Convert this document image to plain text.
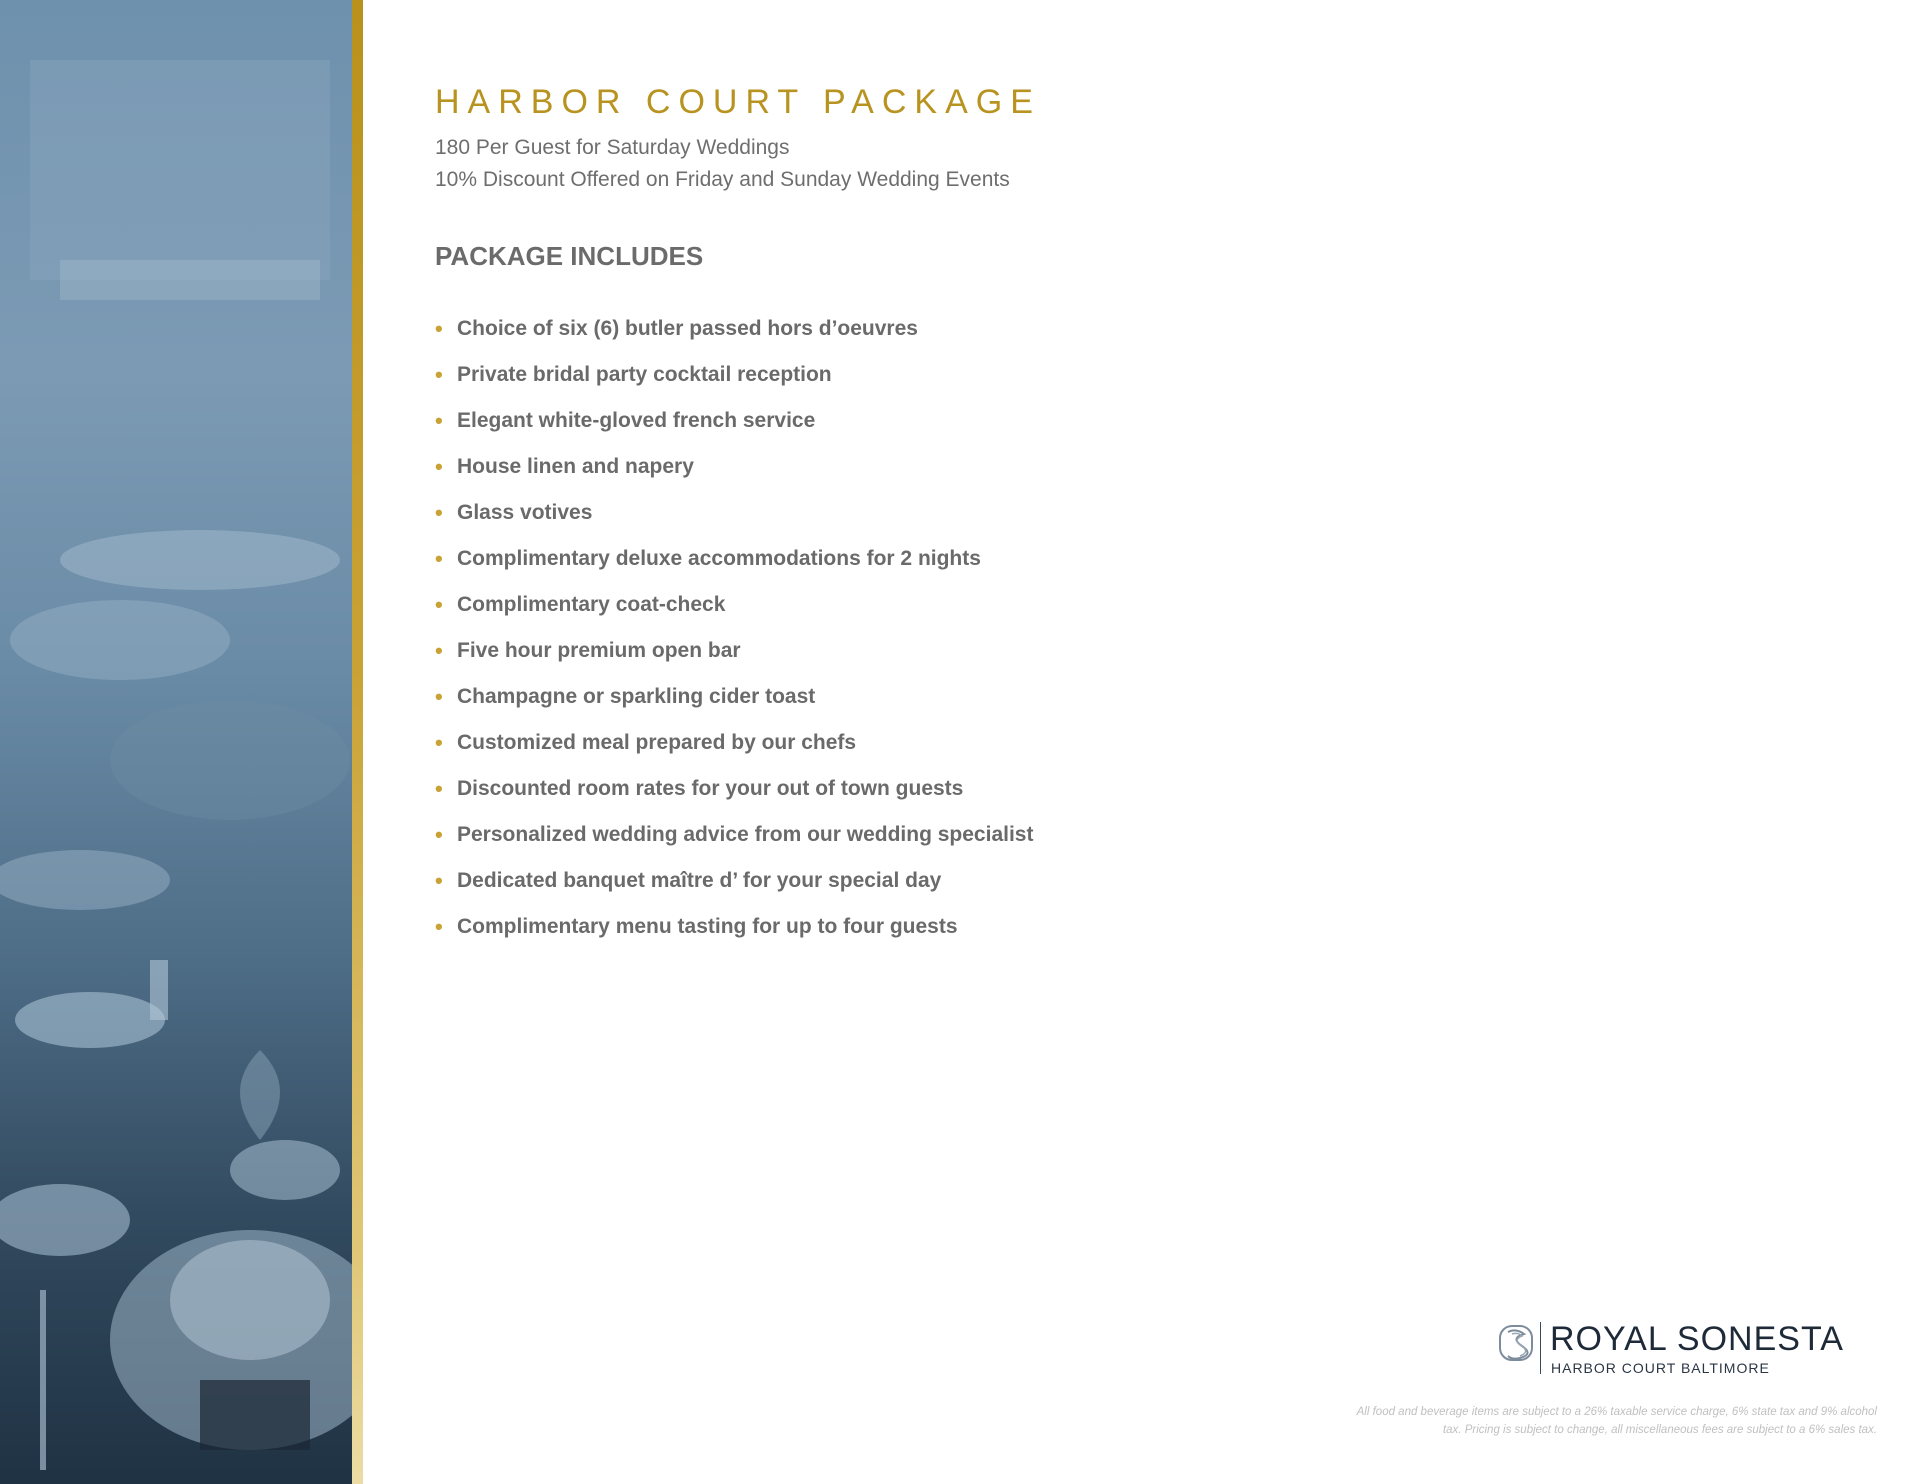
HARBOR COURT PACKAGE

180 Per Guest for Saturday Weddings

10% Discount Offered on Friday and Sunday Wedding Events

PACKAGE INCLUDES
• Choice of six (6) butler passed hors d’oeuvres
• Private bridal party cocktail reception
• Elegant white-gloved french service
• House linen and napery
• Glass votives
• Complimentary deluxe accommodations for 2 nights
• Complimentary coat-check
• Five hour premium open bar
• Champagne or sparkling cider toast
• Customized meal prepared by our chefs
• Discounted room rates for your out of town guests
• Personalized wedding advice from our wedding specialist
• Dedicated banquet maître d’ for your special day
• Complimentary menu tasting for up to four guests
ROYAL SONESTA
HARBOR COURT BALTIMORE
All food and beverage items are subject to a 26% taxable service charge, 6% state tax and 9% alcohol
tax. Pricing is subject to change, all miscellaneous fees are subject to a 6% sales tax.
